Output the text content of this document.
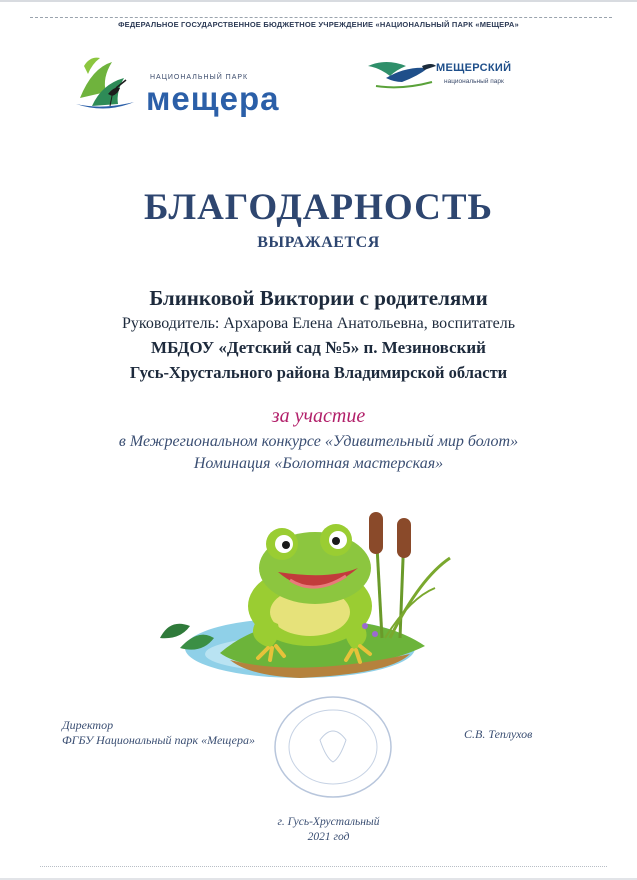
ФЕДЕРАЛЬНОЕ ГОСУДАРСТВЕННОЕ БЮДЖЕТНОЕ УЧРЕЖДЕНИЕ «НАЦИОНАЛЬНЫЙ ПАРК «МЕЩЕРА»
НАЦИОНАЛЬНЫЙ ПАРК
мещера
МЕЩЕРСКИЙ
национальный парк
БЛАГОДАРНОСТЬ
ВЫРАЖАЕТСЯ
Блинковой Виктории с родителями
Руководитель: Архарова Елена Анатольевна, воспитатель
МБДОУ «Детский сад №5» п. Мезиновский
Гусь-Хрустального района Владимирской области
за участие
в Межрегиональном конкурсе «Удивительный мир болот»
Номинация «Болотная мастерская»
Директор
ФГБУ Национальный парк «Мещера»	С.В. Теплухов
г. Гусь-Хрустальный
2021 год
